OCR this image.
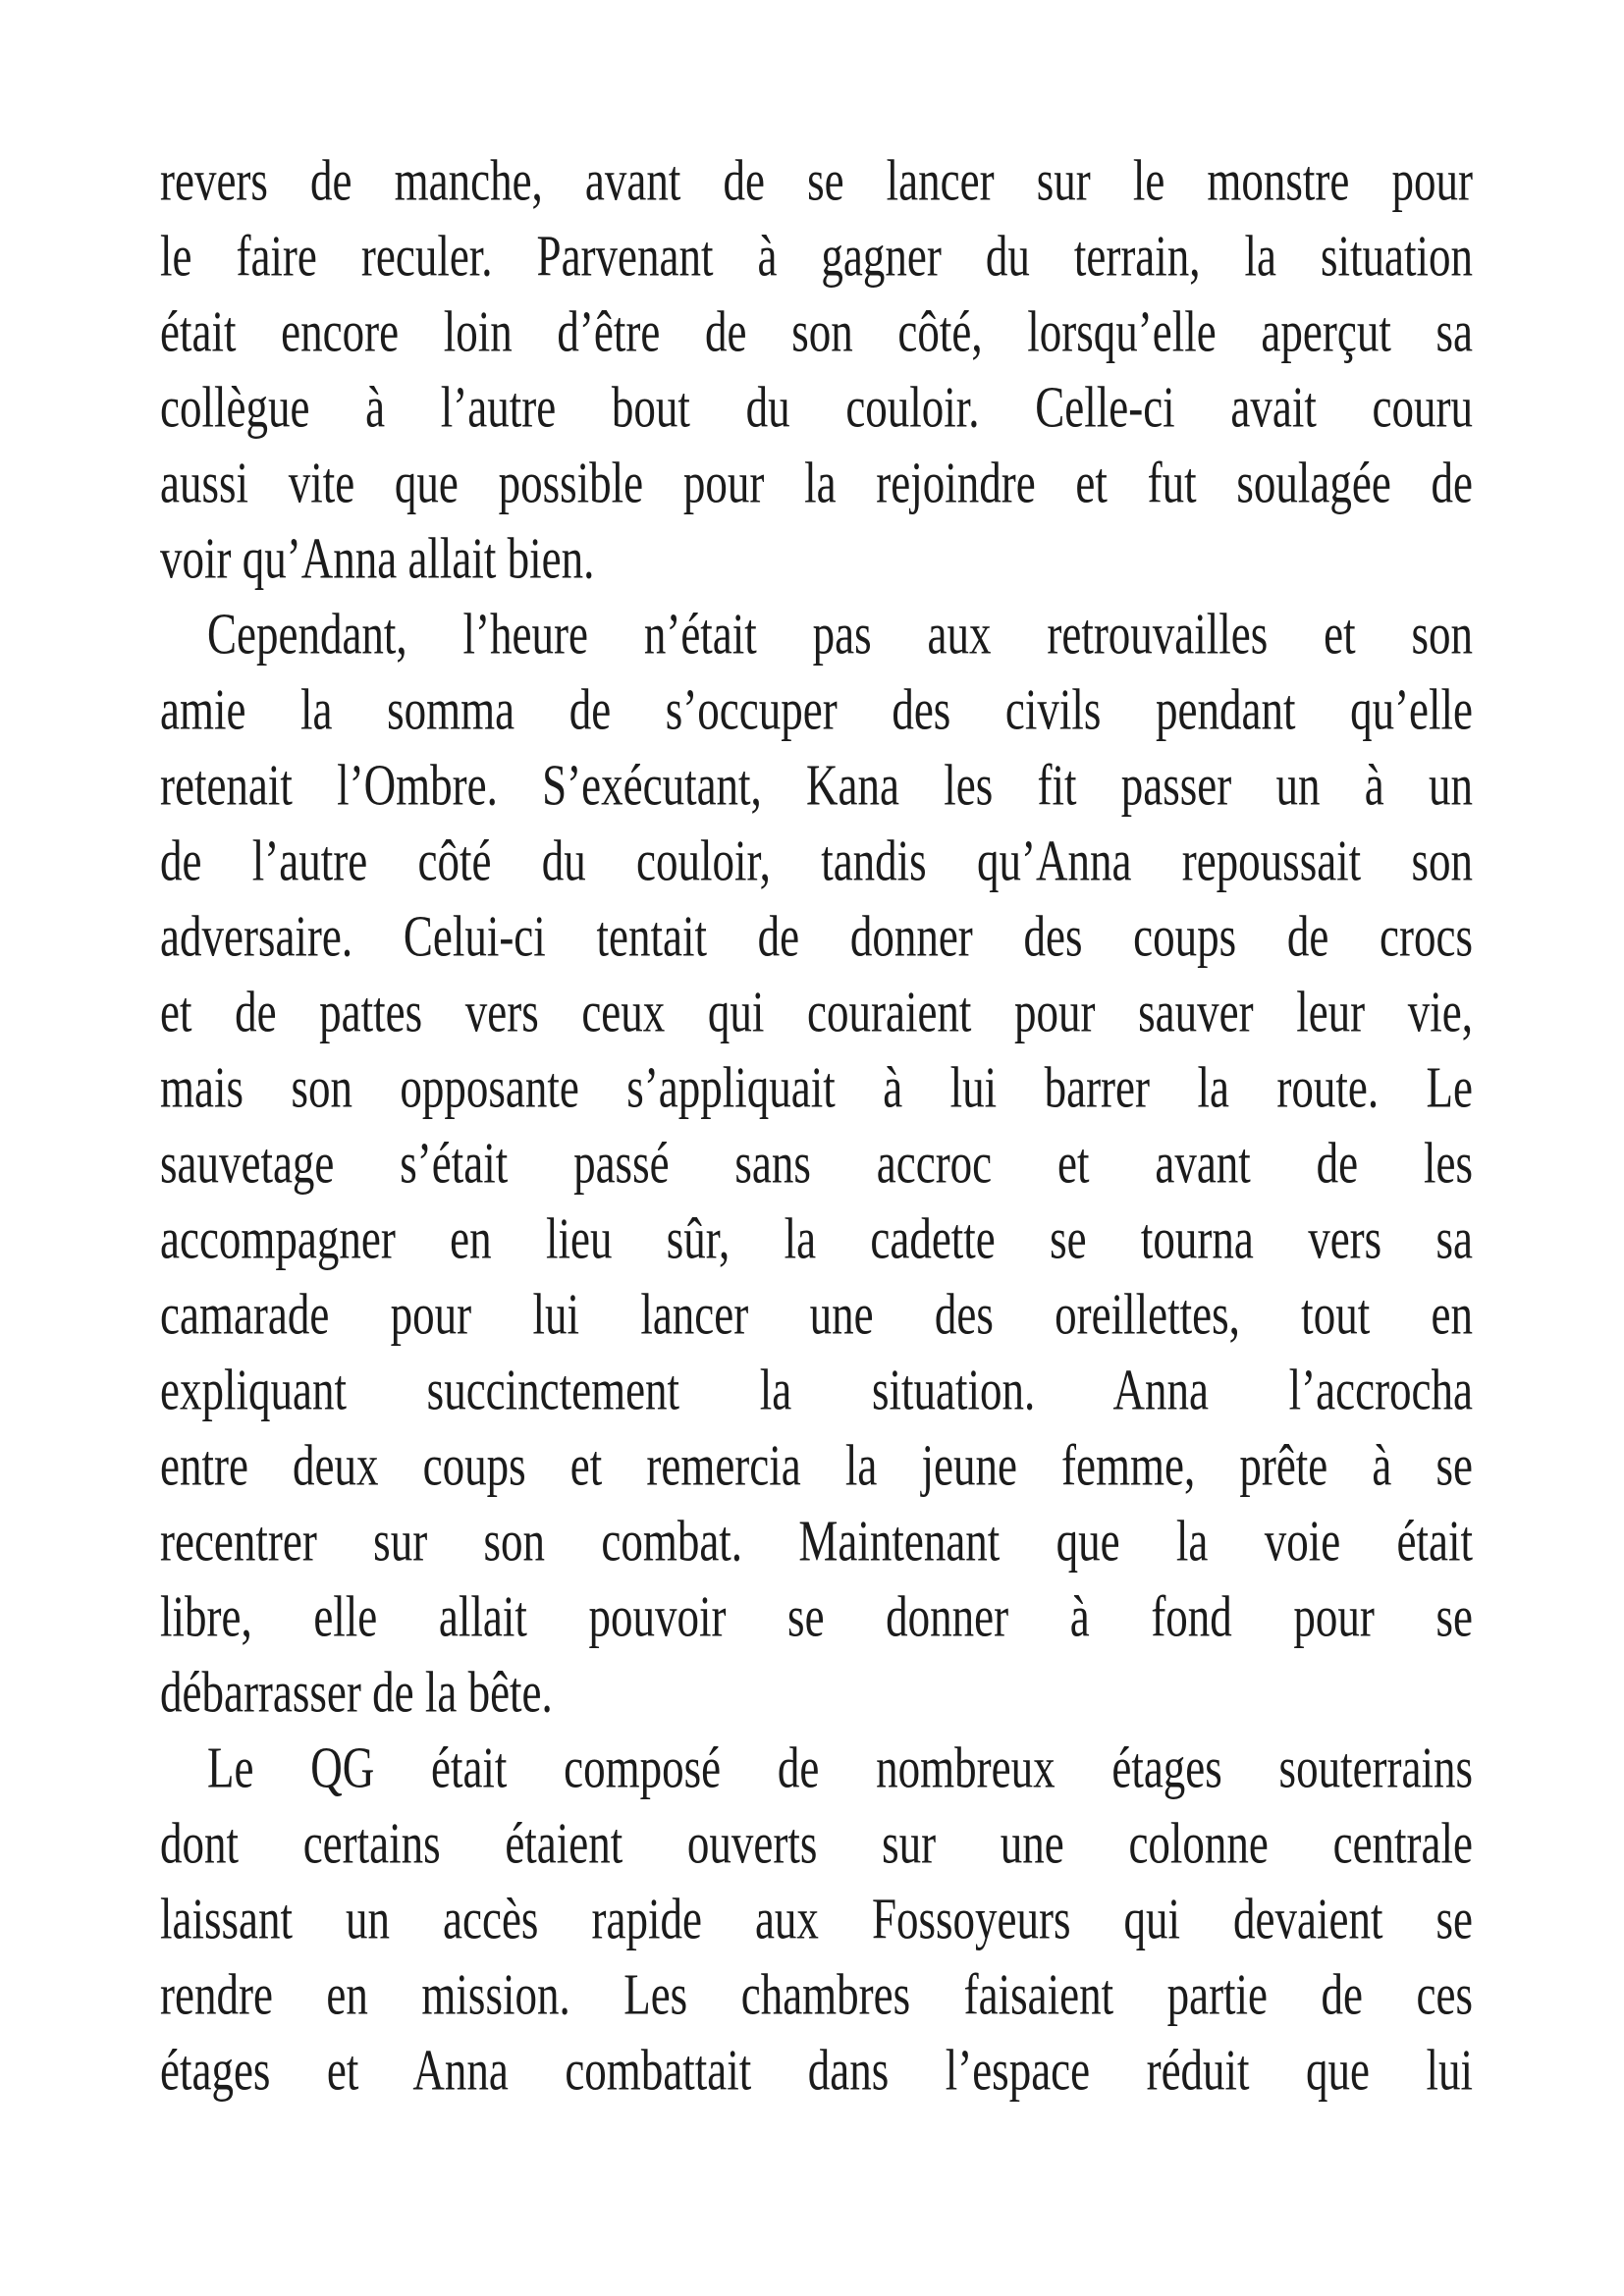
revers de manche, avant de se lancer sur le monstre pour
le faire reculer. Parvenant à gagner du terrain, la situation
était encore loin d’être de son côté, lorsqu’elle aperçut sa
collègue à l’autre bout du couloir. Celle-ci avait couru
aussi vite que possible pour la rejoindre et fut soulagée de
voir qu’Anna allait bien.
Cependant, l’heure n’était pas aux retrouvailles et son
amie la somma de s’occuper des civils pendant qu’elle
retenait l’Ombre. S’exécutant, Kana les fit passer un à un
de l’autre côté du couloir, tandis qu’Anna repoussait son
adversaire. Celui-ci tentait de donner des coups de crocs
et de pattes vers ceux qui couraient pour sauver leur vie,
mais son opposante s’appliquait à lui barrer la route. Le
sauvetage s’était passé sans accroc et avant de les
accompagner en lieu sûr, la cadette se tourna vers sa
camarade pour lui lancer une des oreillettes, tout en
expliquant succinctement la situation. Anna l’accrocha
entre deux coups et remercia la jeune femme, prête à se
recentrer sur son combat. Maintenant que la voie était
libre, elle allait pouvoir se donner à fond pour se
débarrasser de la bête.
Le QG était composé de nombreux étages souterrains
dont certains étaient ouverts sur une colonne centrale
laissant un accès rapide aux Fossoyeurs qui devaient se
rendre en mission. Les chambres faisaient partie de ces
étages et Anna combattait dans l’espace réduit que lui
